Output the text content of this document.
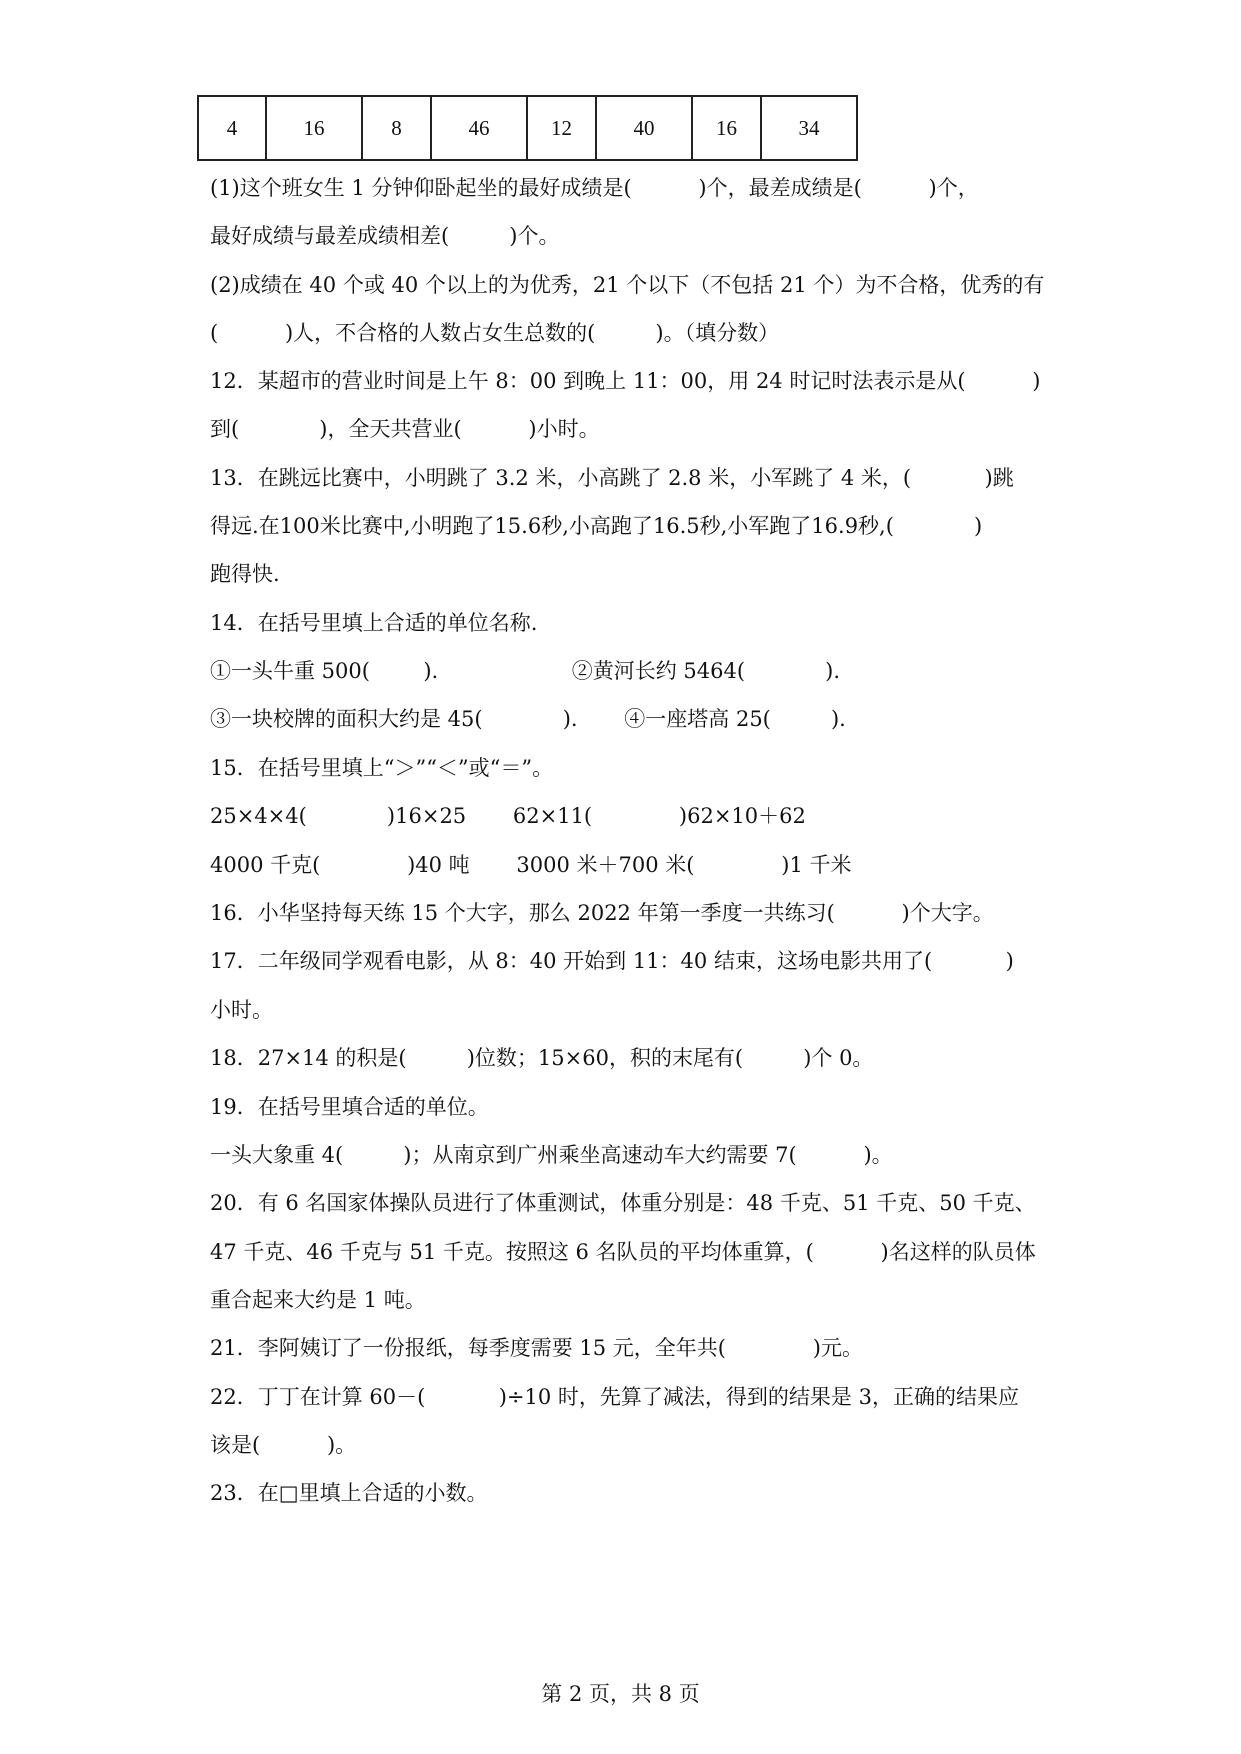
4	16	8	46	12	40	16	34
(1)这个班女生 1 分钟仰卧起坐的最好成绩是(          )个，最差成绩是(          )个，
最好成绩与最差成绩相差(         )个。
(2)成绩在 40 个或 40 个以上的为优秀，21 个以下（不包括 21 个）为不合格，优秀的有
(          )人，不合格的人数占女生总数的(         )。（填分数）
12．某超市的营业时间是上午 8：00 到晚上 11：00，用 24 时记时法表示是从(          )
到(            )，全天共营业(          )小时。
13．在跳远比赛中，小明跳了 3.2 米，小高跳了 2.8 米，小军跳了 4 米，(           )跳
得远.在100米比赛中,小明跑了15.6秒,小高跑了16.5秒,小军跑了16.9秒,(            )
跑得快.
14．在括号里填上合适的单位名称.
①一头牛重 500(        ).                    ②黄河长约 5464(            ).
③一块校牌的面积大约是 45(            ).       ④一座塔高 25(         ).
15．在括号里填上“＞”“＜”或“＝”。
25×4×4(            )16×25       62×11(             )62×10＋62
4000 千克(             )40 吨       3000 米＋700 米(             )1 千米
16．小华坚持每天练 15 个大字，那么 2022 年第一季度一共练习(          )个大字。
17．二年级同学观看电影，从 8：40 开始到 11：40 结束，这场电影共用了(           )
小时。
18．27×14 的积是(         )位数；15×60，积的末尾有(         )个 0。
19．在括号里填合适的单位。
一头大象重 4(         )；从南京到广州乘坐高速动车大约需要 7(          )。
20．有 6 名国家体操队员进行了体重测试，体重分别是：48 千克、51 千克、50 千克、
47 千克、46 千克与 51 千克。按照这 6 名队员的平均体重算，(          )名这样的队员体
重合起来大约是 1 吨。
21．李阿姨订了一份报纸，每季度需要 15 元，全年共(             )元。
22．丁丁在计算 60－(           )÷10 时，先算了减法，得到的结果是 3，正确的结果应
该是(          )。
23．在□里填上合适的小数。
第 2 页，共 8 页
